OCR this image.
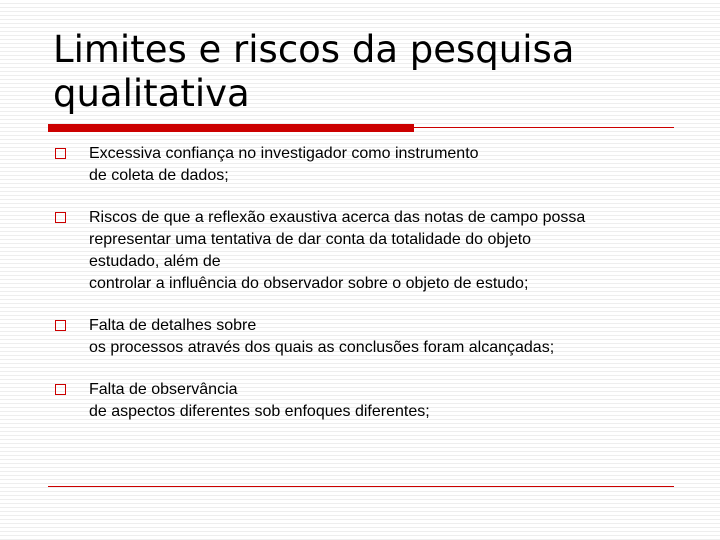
Limites e riscos da pesquisa
qualitativa
Excessiva confiança no investigador como instrumento
de coleta de dados;
Riscos de que a reflexão exaustiva acerca das notas de campo possa
representar uma tentativa de dar conta da totalidade do objeto
estudado, além de
controlar a influência do observador sobre o objeto de estudo;
Falta de detalhes sobre
os processos através dos quais as conclusões foram alcançadas;
Falta de observância
de aspectos diferentes sob enfoques diferentes;
